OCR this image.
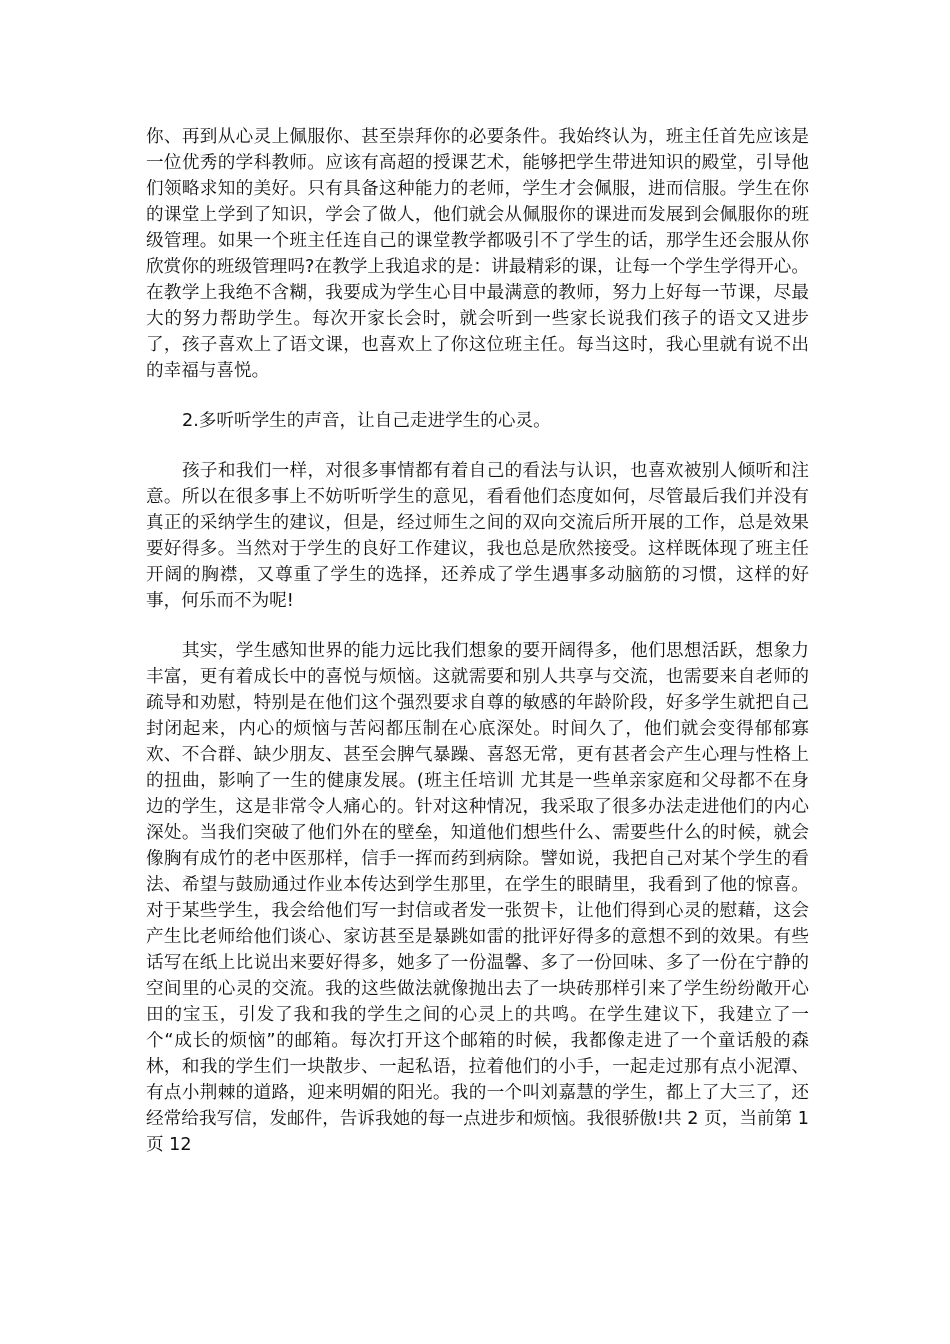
你、再到从心灵上佩服你、甚至崇拜你的必要条件。我始终认为，班主任首先应该是一位优秀的学科教师。应该有高超的授课艺术，能够把学生带进知识的殿堂，引导他们领略求知的美好。只有具备这种能力的老师，学生才会佩服，进而信服。学生在你的课堂上学到了知识，学会了做人，他们就会从佩服你的课进而发展到会佩服你的班级管理。如果一个班主任连自己的课堂教学都吸引不了学生的话，那学生还会服从你欣赏你的班级管理吗?在教学上我追求的是：讲最精彩的课，让每一个学生学得开心。在教学上我绝不含糊，我要成为学生心目中最满意的教师，努力上好每一节课，尽最大的努力帮助学生。每次开家长会时，就会听到一些家长说我们孩子的语文又进步了，孩子喜欢上了语文课，也喜欢上了你这位班主任。每当这时，我心里就有说不出的幸福与喜悦。

2.多听听学生的声音，让自己走进学生的心灵。

孩子和我们一样，对很多事情都有着自己的看法与认识，也喜欢被别人倾听和注意。所以在很多事上不妨听听学生的意见，看看他们态度如何，尽管最后我们并没有真正的采纳学生的建议，但是，经过师生之间的双向交流后所开展的工作，总是效果要好得多。当然对于学生的良好工作建议，我也总是欣然接受。这样既体现了班主任开阔的胸襟，又尊重了学生的选择，还养成了学生遇事多动脑筋的习惯，这样的好事，何乐而不为呢!

其实，学生感知世界的能力远比我们想象的要开阔得多，他们思想活跃，想象力丰富，更有着成长中的喜悦与烦恼。这就需要和别人共享与交流，也需要来自老师的疏导和劝慰，特别是在他们这个强烈要求自尊的敏感的年龄阶段，好多学生就把自己封闭起来，内心的烦恼与苦闷都压制在心底深处。时间久了，他们就会变得郁郁寡欢、不合群、缺少朋友、甚至会脾气暴躁、喜怒无常，更有甚者会产生心理与性格上的扭曲，影响了一生的健康发展。(班主任培训 尤其是一些单亲家庭和父母都不在身边的学生，这是非常令人痛心的。针对这种情况，我采取了很多办法走进他们的内心深处。当我们突破了他们外在的壁垒，知道他们想些什么、需要些什么的时候，就会像胸有成竹的老中医那样，信手一挥而药到病除。譬如说，我把自己对某个学生的看法、希望与鼓励通过作业本传达到学生那里，在学生的眼睛里，我看到了他的惊喜。对于某些学生，我会给他们写一封信或者发一张贺卡，让他们得到心灵的慰藉，这会产生比老师给他们谈心、家访甚至是暴跳如雷的批评好得多的意想不到的效果。有些话写在纸上比说出来要好得多，她多了一份温馨、多了一份回味、多了一份在宁静的空间里的心灵的交流。我的这些做法就像抛出去了一块砖那样引来了学生纷纷敞开心田的宝玉，引发了我和我的学生之间的心灵上的共鸣。在学生建议下，我建立了一个“成长的烦恼”的邮箱。每次打开这个邮箱的时候，我都像走进了一个童话般的森林，和我的学生们一块散步、一起私语，拉着他们的小手，一起走过那有点小泥潭、有点小荆棘的道路，迎来明媚的阳光。我的一个叫刘嘉慧的学生，都上了大三了，还经常给我写信，发邮件，告诉我她的每一点进步和烦恼。我很骄傲!共 2 页，当前第 1 页 12
